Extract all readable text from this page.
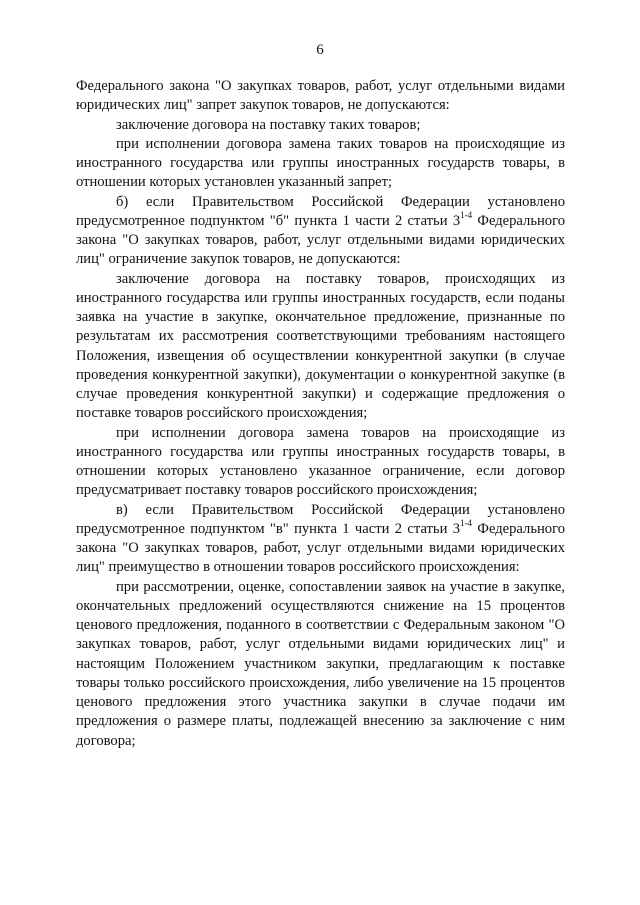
6

Федерального закона "О закупках товаров, работ, услуг отдельными видами юридических лиц" запрет закупок товаров, не допускаются:

заключение договора на поставку таких товаров;

при исполнении договора замена таких товаров на происходящие из иностранного государства или группы иностранных государств товары, в отношении которых установлен указанный запрет;

б) если Правительством Российской Федерации установлено предусмотренное подпунктом "б" пункта 1 части 2 статьи 3$^{1-4}$ Федерального закона "О закупках товаров, работ, услуг отдельными видами юридических лиц" ограничение закупок товаров, не допускаются:

заключение договора на поставку товаров, происходящих из иностранного государства или группы иностранных государств, если поданы заявка на участие в закупке, окончательное предложение, признанные по результатам их рассмотрения соответствующими требованиям настоящего Положения, извещения об осуществлении конкурентной закупки (в случае проведения конкурентной закупки), документации о конкурентной закупке (в случае проведения конкурентной закупки) и содержащие предложения о поставке товаров российского происхождения;

при исполнении договора замена товаров на происходящие из иностранного государства или группы иностранных государств товары, в отношении которых установлено указанное ограничение, если договор предусматривает поставку товаров российского происхождения;

в) если Правительством Российской Федерации установлено предусмотренное подпунктом "в" пункта 1 части 2 статьи 3$^{1-4}$ Федерального закона "О закупках товаров, работ, услуг отдельными видами юридических лиц" преимущество в отношении товаров российского происхождения:

при рассмотрении, оценке, сопоставлении заявок на участие в закупке, окончательных предложений осуществляются снижение на 15 процентов ценового предложения, поданного в соответствии с Федеральным законом "О закупках товаров, работ, услуг отдельными видами юридических лиц" и настоящим Положением участником закупки, предлагающим к поставке товары только российского происхождения, либо увеличение на 15 процентов ценового предложения этого участника закупки в случае подачи им предложения о размере платы, подлежащей внесению за заключение с ним договора;
